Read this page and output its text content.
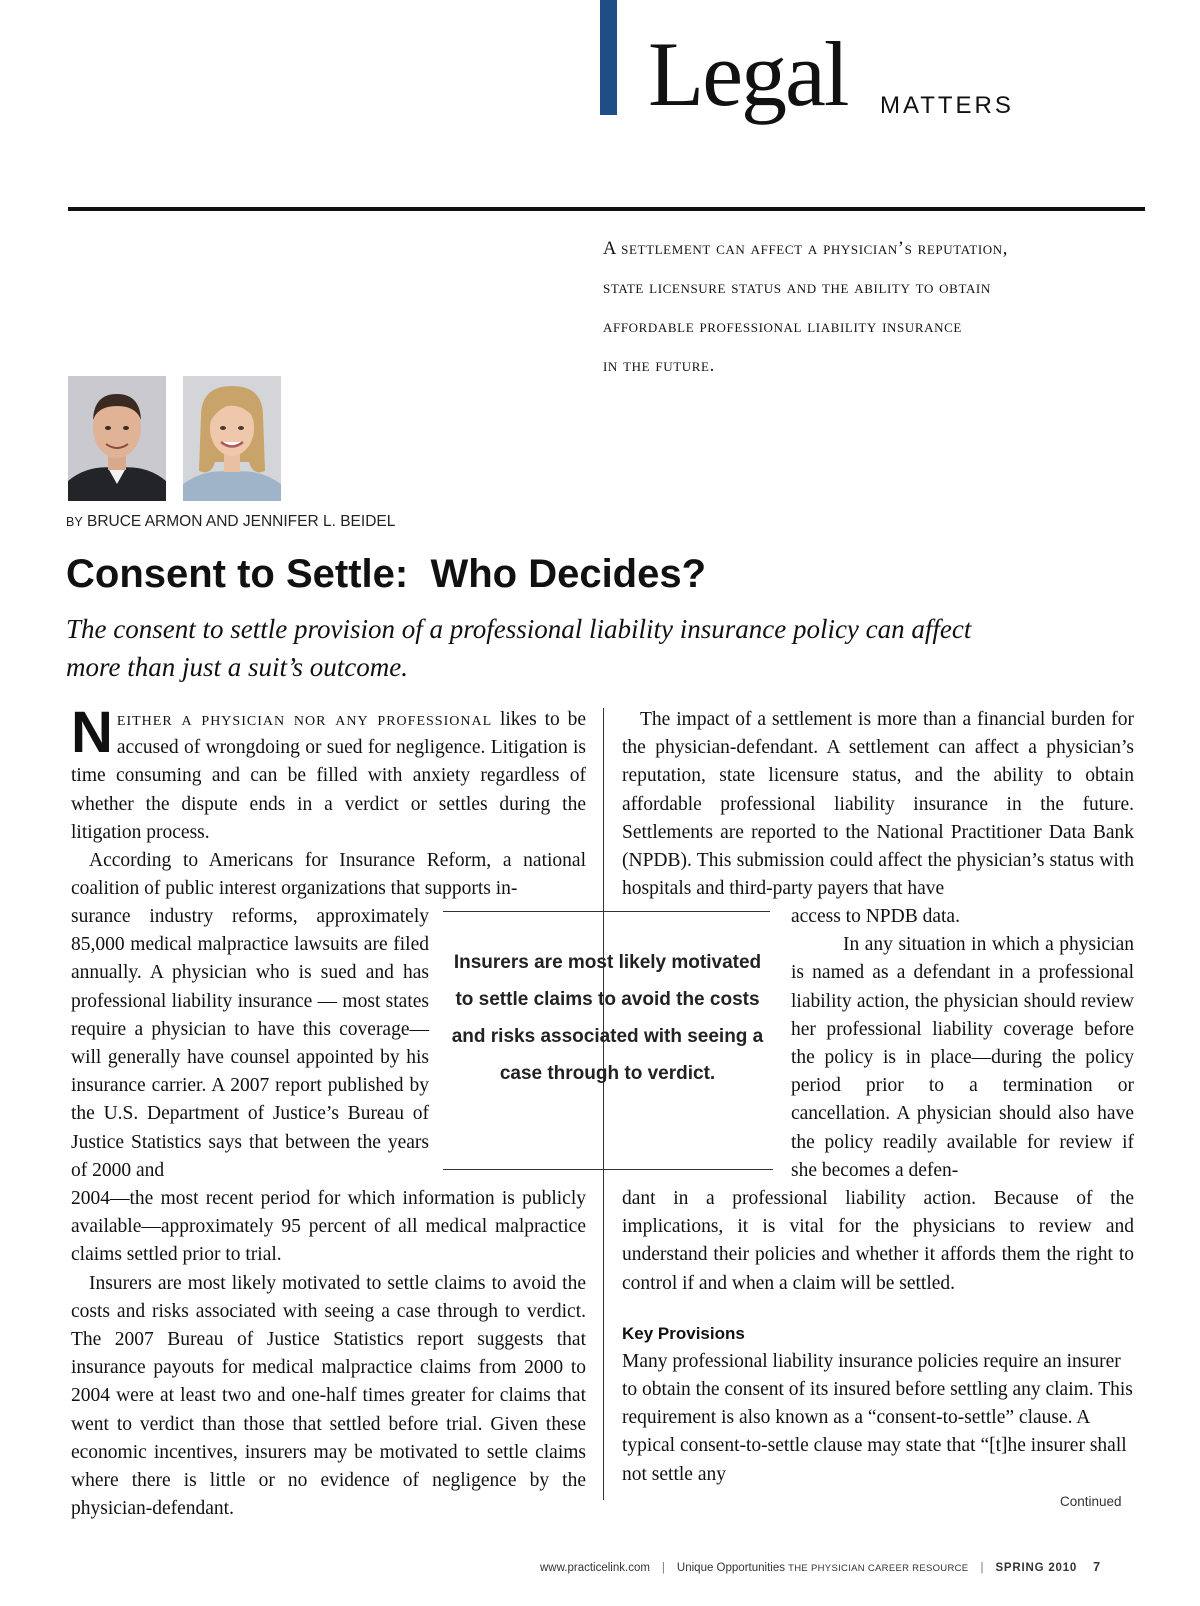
Legal MATTERS
A settlement can affect a physician’s reputation,
state licensure status and the ability to obtain
affordable professional liability insurance
in the future.
BY BRUCE ARMON AND JENNIFER L. BEIDEL
Consent to Settle:  Who Decides?

The consent to settle provision of a professional liability insurance policy can affect more than just a suit’s outcome.

Neither a physician nor any professional likes to be accused of wrongdoing or sued for negligence. Litigation is time consuming and can be filled with anxiety regardless of whether the dispute ends in a verdict or settles during the litigation process.

According to Americans for Insurance Reform, a national coalition of public interest organizations that supports in-

surance industry reforms, approximately 85,000 medical malpractice lawsuits are filed annually. A physician who is sued and has professional liability insurance — most states require a physician to have this coverage—will generally have counsel appointed by his insurance carrier. A 2007 report published by the U.S. Department of Justice’s Bureau of Justice Statistics says that between the years of 2000 and

2004—the most recent period for which information is publicly available—approximately 95 percent of all medical malpractice claims settled prior to trial.

Insurers are most likely motivated to settle claims to avoid the costs and risks associated with seeing a case through to verdict. The 2007 Bureau of Justice Statistics report suggests that insurance payouts for medical malpractice claims from 2000 to 2004 were at least two and one-half times greater for claims that went to verdict than those that settled before trial. Given these economic incentives, insurers may be motivated to settle claims where there is little or no evidence of negligence by the physician-defendant.

Insurers are most likely motivated to settle claims to avoid the costs and risks associated with seeing a case through to verdict.

The impact of a settlement is more than a financial burden for the physician-defendant. A settlement can affect a physician’s reputation, state licensure status, and the ability to obtain affordable professional liability insurance in the future. Settlements are reported to the National Practitioner Data Bank (NPDB). This submission could affect the physician’s status with hospitals and third-party payers that have

access to NPDB data.

In any situation in which a physician is named as a defendant in a professional liability action, the physician should review her professional liability coverage before the policy is in place—during the policy period prior to a termination or cancellation. A physician should also have the policy readily available for review if she becomes a defen-

dant in a professional liability action. Because of the implications, it is vital for the physicians to review and understand their policies and whether it affords them the right to control if and when a claim will be settled.

Key Provisions

Many professional liability insurance policies require an insurer to obtain the consent of its insured before settling any claim. This requirement is also known as a “consent-to-settle” clause. A typical consent-to-settle clause may state that “[t]he insurer shall not settle any

Continued
www.practicelink.com | Unique Opportunities THE PHYSICIAN CAREER RESOURCE | SPRING 2010 7
